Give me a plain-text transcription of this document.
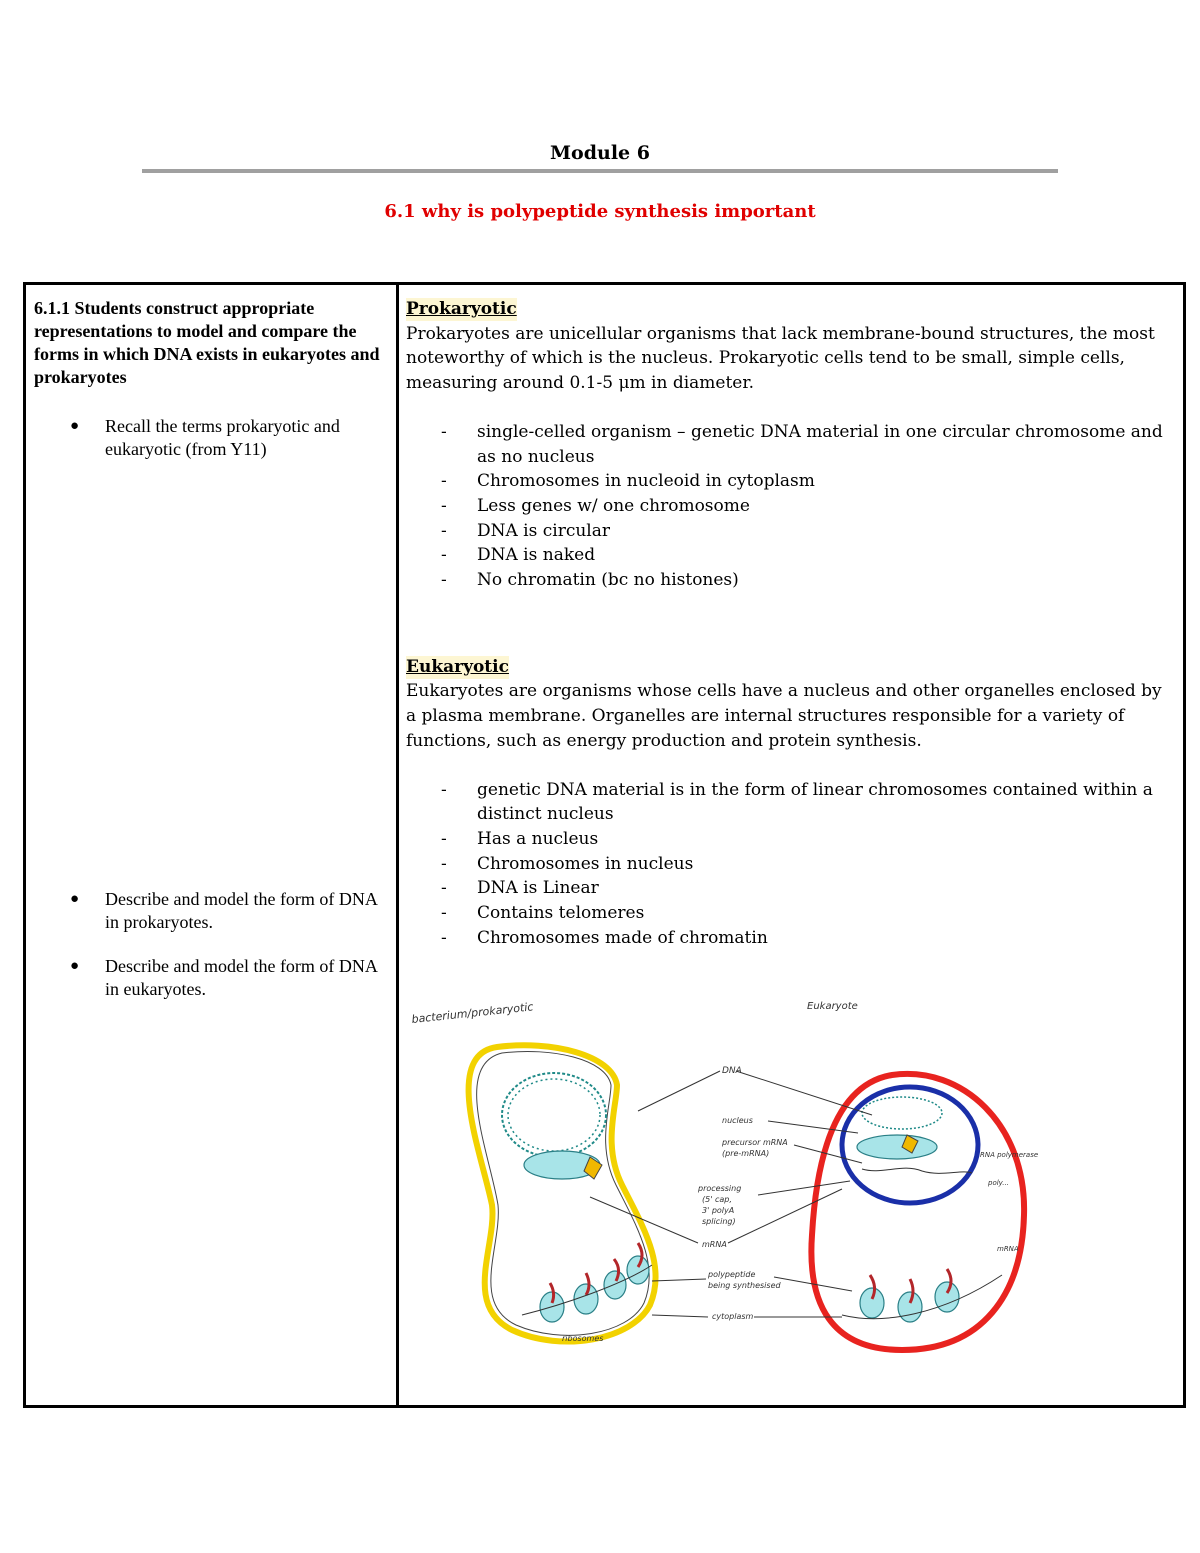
Module 6
6.1 why is polypeptide synthesis important

6.1.1 Students construct appropriate representations to model and compare the forms in which DNA exists in eukaryotes and prokaryotes

● Recall the terms prokaryotic and eukaryotic (from Y11)
● Describe and model the form of DNA in prokaryotes.
● Describe and model the form of DNA in eukaryotes.
Prokaryotic

Prokaryotes are unicellular organisms that lack membrane-bound structures, the most noteworthy of which is the nucleus. Prokaryotic cells tend to be small, simple cells, measuring around 0.1-5 μm in diameter.

- single-celled organism – genetic DNA material in one circular chromosome and as no nucleus
- Chromosomes in nucleoid in cytoplasm
- Less genes w/ one chromosome
- DNA is circular
- DNA is naked
- No chromatin (bc no histones)
Eukaryotic

Eukaryotes are organisms whose cells have a nucleus and other organelles enclosed by a plasma membrane. Organelles are internal structures responsible for a variety of functions, such as energy production and protein synthesis.

- genetic DNA material is in the form of linear chromosomes contained within a distinct nucleus
- Has a nucleus
- Chromosomes in nucleus
- DNA is Linear
- Contains telomeres
- Chromosomes made of chromatin
bacterium/prokaryotic	Eukaryote
ribosomes
DNA
nucleus
precursor mRNA
(pre-mRNA)
processing
(5' cap,
3' polyA
splicing)
mRNA
polypeptide
being synthesised
cytoplasm
RNA polymerase
poly...
mRNA
